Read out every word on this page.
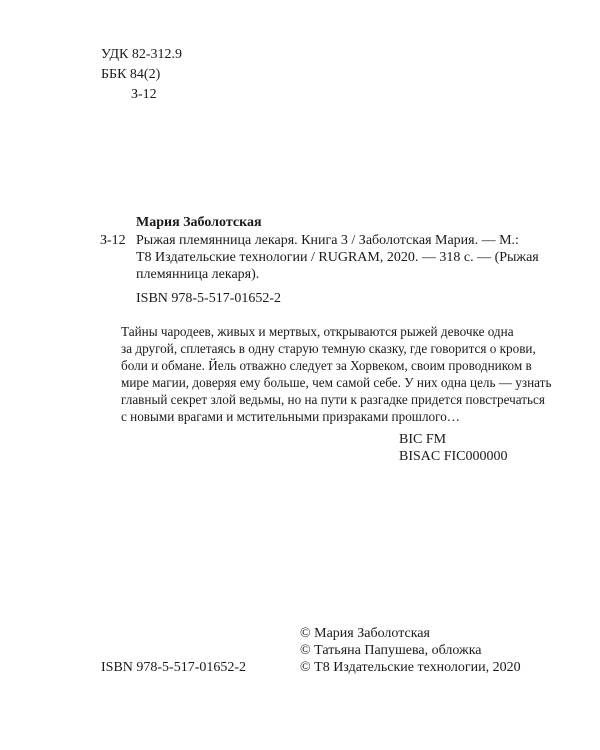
УДК 82-312.9
ББК 84(2)
З-12
Мария Заболотская
З-12 Рыжая племянница лекаря. Книга 3 / Заболотская Мария. — М.:
Т8 Издательские технологии / RUGRAM, 2020. — 318 с. — (Рыжая
племянница лекаря).
ISBN 978-5-517-01652-2
Тайны чародеев, живых и мертвых, открываются рыжей девочке одна
за другой, сплетаясь в одну старую темную сказку, где говорится о крови,
боли и обмане. Йель отважно следует за Хорвеком, своим проводником в
мире магии, доверяя ему больше, чем самой себе. У них одна цель — узнать
главный секрет злой ведьмы, но на пути к разгадке придется повстречаться
с новыми врагами и мстительными призраками прошлого…
BIC FM
BISAC FIC000000
ISBN 978-5-517-01652-2
© Мария Заболотская
© Татьяна Папушева, обложка
© Т8 Издательские технологии, 2020
